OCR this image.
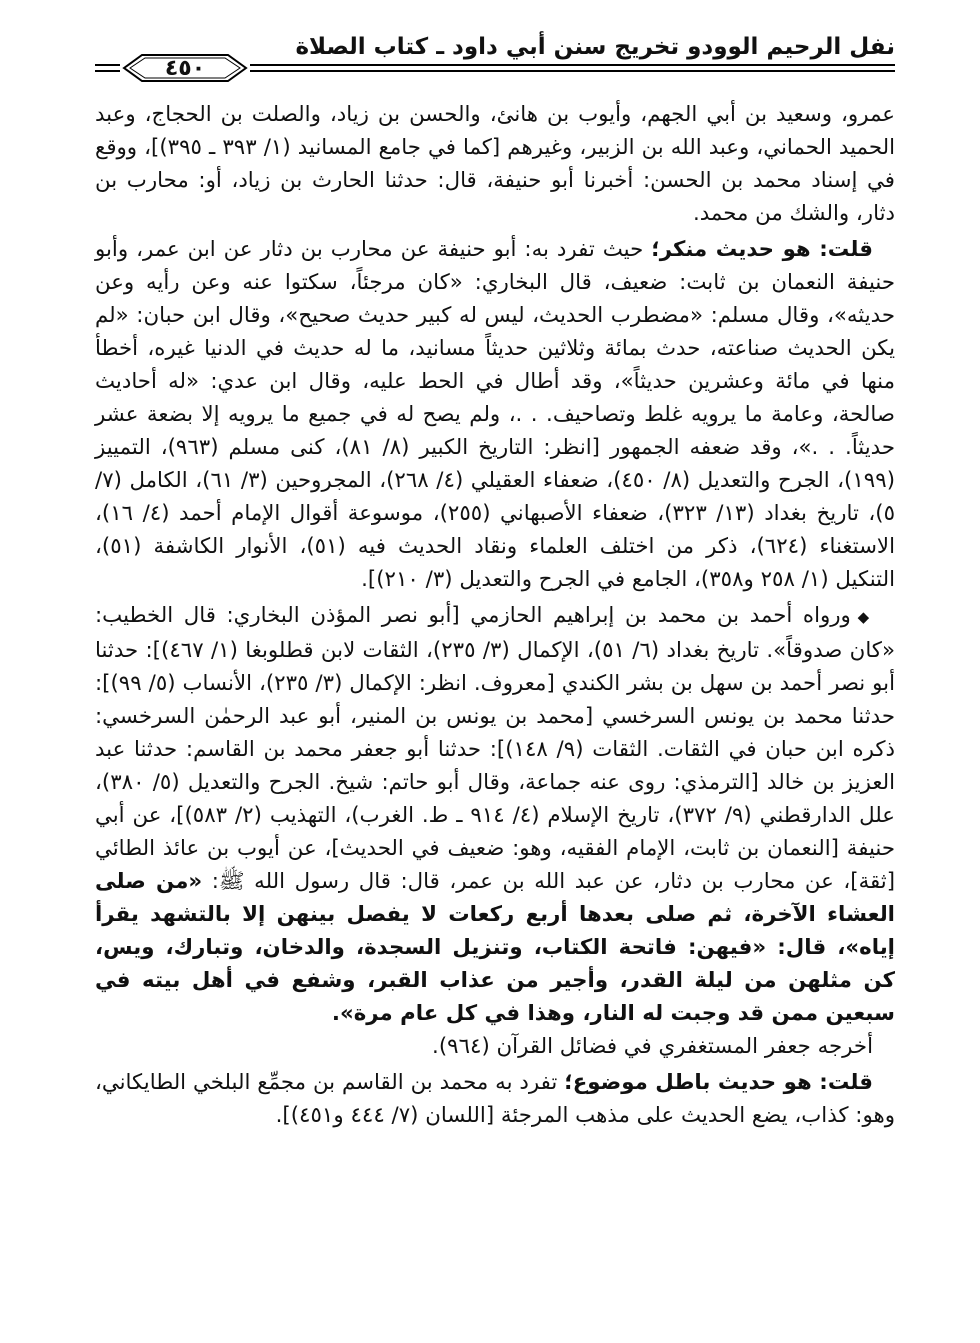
نفل الرحيم الوودو تخريج سنن أبي داود ـ كتاب الصلاة
٤٥٠

عمرو، وسعيد بن أبي الجهم، وأيوب بن هانئ، والحسن بن زياد، والصلت بن الحجاج، وعبد الحميد الحماني، وعبد الله بن الزبير، وغيرهم [كما في جامع المسانيد (١/ ٣٩٣ ـ ٣٩٥)]، ووقع في إسناد محمد بن الحسن: أخبرنا أبو حنيفة، قال: حدثنا الحارث بن زياد، أو: محارب بن دثار، والشك من محمد.

قلت: هو حديث منكر؛ حيث تفرد به: أبو حنيفة عن محارب بن دثار عن ابن عمر، وأبو حنيفة النعمان بن ثابت: ضعيف، قال البخاري: «كان مرجئاً، سكتوا عنه وعن رأيه وعن حديثه»، وقال مسلم: «مضطرب الحديث، ليس له كبير حديث صحيح»، وقال ابن حبان: «لم يكن الحديث صناعته، حدث بمائة وثلاثين حديثاً مسانيد، ما له حديث في الدنيا غيره، أخطأ منها في مائة وعشرين حديثاً»، وقد أطال في الحط عليه، وقال ابن عدي: «له أحاديث صالحة، وعامة ما يرويه غلط وتصاحيف. . .، ولم يصح له في جميع ما يرويه إلا بضعة عشر حديثاً. . .»، وقد ضعفه الجمهور [انظر: التاريخ الكبير (٨/ ٨١)، كنى مسلم (٩٦٣)، التمييز (١٩٩)، الجرح والتعديل (٨/ ٤٥٠)، ضعفاء العقيلي (٤/ ٢٦٨)، المجروحين (٣/ ٦١)، الكامل (٧/ ٥)، تاريخ بغداد (١٣/ ٣٢٣)، ضعفاء الأصبهاني (٢٥٥)، موسوعة أقوال الإمام أحمد (٤/ ١٦)، الاستغناء (٦٢٤)، ذكر من اختلف العلماء ونقاد الحديث فيه (٥١)، الأنوار الكاشفة (٥١)، التنكيل (١/ ٢٥٨ و٣٥٨)، الجامع في الجرح والتعديل (٣/ ٢١٠)].

◆ ورواه أحمد بن محمد بن إبراهيم الحازمي [أبو نصر المؤذن البخاري: قال الخطيب: «كان صدوقاً». تاريخ بغداد (٦/ ٥١)، الإكمال (٣/ ٢٣٥)، الثقات لابن قطلوبغا (١/ ٤٦٧)]: حدثنا أبو نصر أحمد بن سهل بن بشر الكندي [معروف. انظر: الإكمال (٣/ ٢٣٥)، الأنساب (٥/ ٩٩)]: حدثنا محمد بن يونس السرخسي [محمد بن يونس بن المنير، أبو عبد الرحمٰن السرخسي: ذكره ابن حبان في الثقات. الثقات (٩/ ١٤٨)]: حدثنا أبو جعفر محمد بن القاسم: حدثنا عبد العزيز بن خالد [الترمذي: روى عنه جماعة، وقال أبو حاتم: شيخ. الجرح والتعديل (٥/ ٣٨٠)، علل الدارقطني (٩/ ٣٧٢)، تاريخ الإسلام (٤/ ٩١٤ ـ ط. الغرب)، التهذيب (٢/ ٥٨٣)]، عن أبي حنيفة [النعمان بن ثابت، الإمام الفقيه، وهو: ضعيف في الحديث]، عن أيوب بن عائذ الطائي [ثقة]، عن محارب بن دثار، عن عبد الله بن عمر، قال: قال رسول الله ﷺ: «من صلى العشاء الآخرة، ثم صلى بعدها أربع ركعات لا يفصل بينهن إلا بالتشهد يقرأ إياه»، قال: «فيهن: فاتحة الكتاب، وتنزيل السجدة، والدخان، وتبارك، ويس، كن مثلهن من ليلة القدر، وأجير من عذاب القبر، وشفع في أهل بيته في سبعين ممن قد وجبت له النار، وهذا في كل عام مرة».

أخرجه جعفر المستغفري في فضائل القرآن (٩٦٤).

قلت: هو حديث باطل موضوع؛ تفرد به محمد بن القاسم بن مجمِّع البلخي الطايكاني، وهو: كذاب، يضع الحديث على مذهب المرجئة [اللسان (٧/ ٤٤٤ و٤٥١)].
